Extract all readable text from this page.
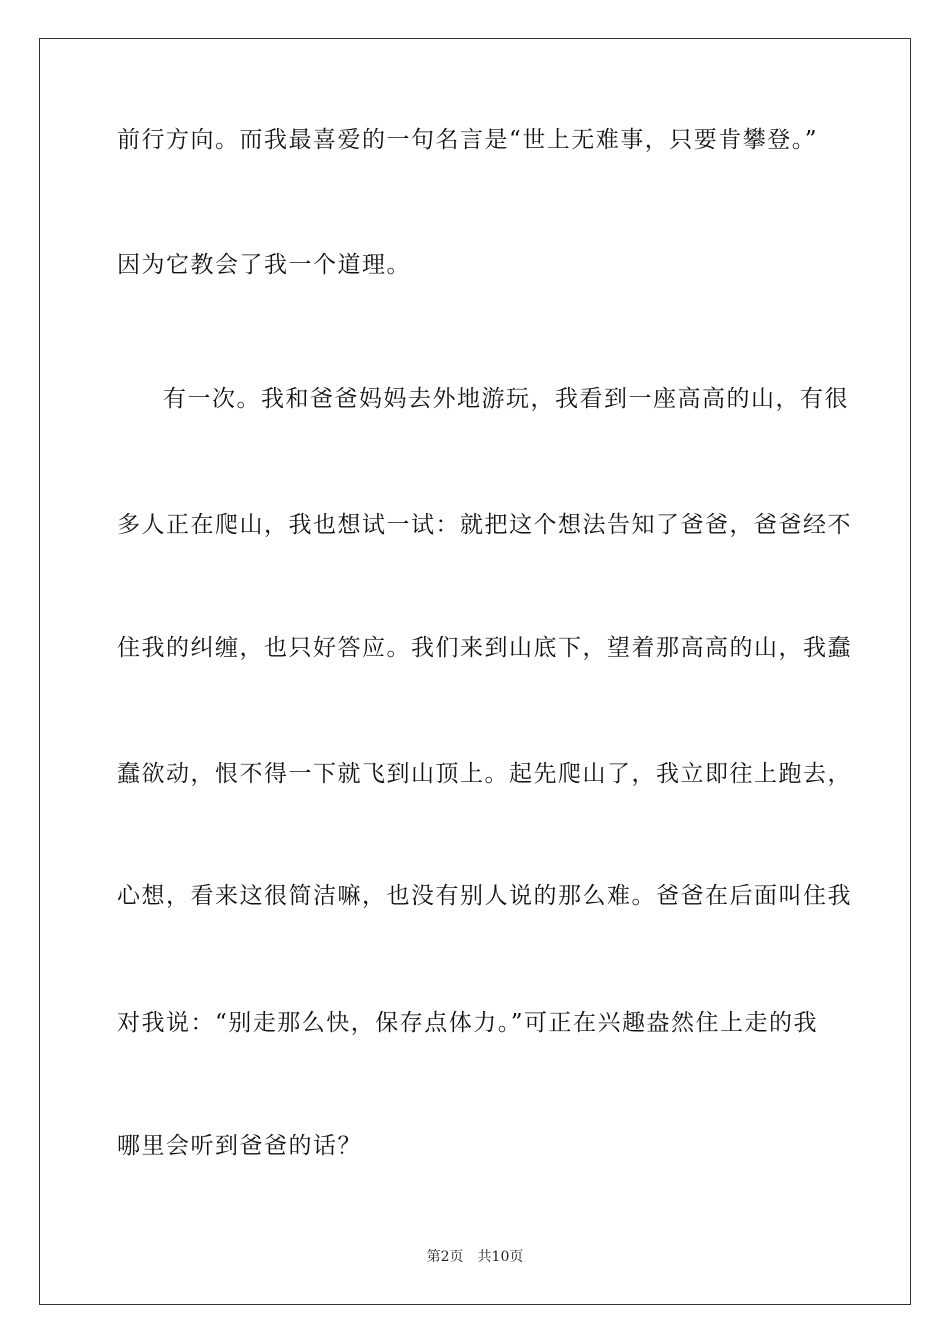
前行方向。而我最喜爱的一句名言是“世上无难事，只要肯攀登。”
因为它教会了我一个道理。
有一次。我和爸爸妈妈去外地游玩，我看到一座高高的山，有很
多人正在爬山，我也想试一试：就把这个想法告知了爸爸，爸爸经不
住我的纠缠，也只好答应。我们来到山底下，望着那高高的山，我蠢
蠢欲动，恨不得一下就飞到山顶上。起先爬山了，我立即往上跑去，
心想，看来这很简洁嘛，也没有别人说的那么难。爸爸在后面叫住我
对我说：“别走那么快，保存点体力。”可正在兴趣盎然住上走的我
哪里会听到爸爸的话？
第2页 共10页
